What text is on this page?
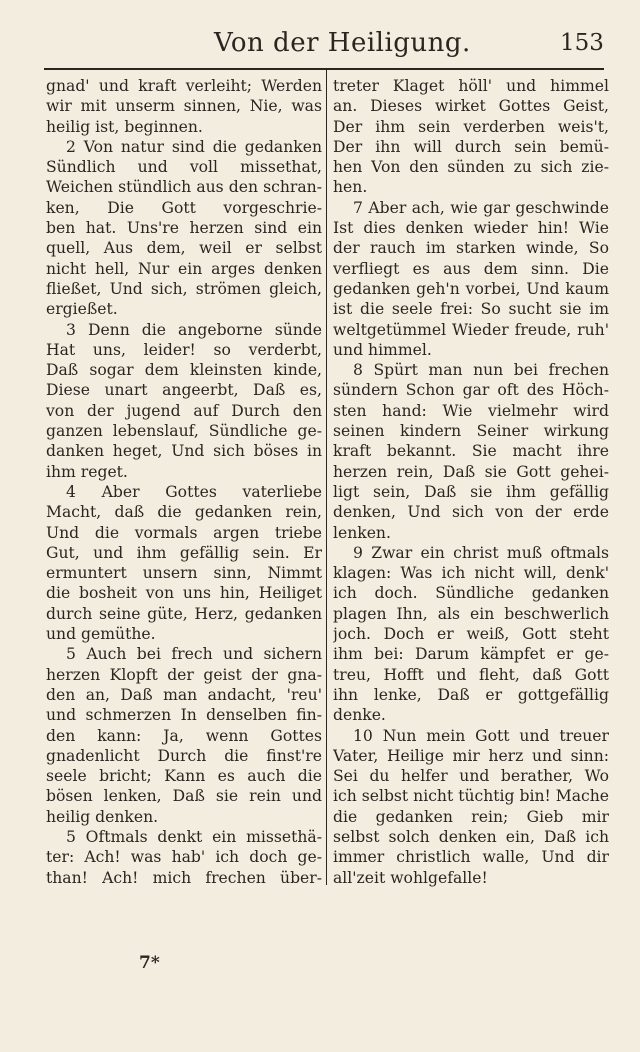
Von der Heiligung.	153
gnad' und kraft verleiht; Werden
wir mit unserm sinnen, Nie, was
heilig ist, beginnen.
2 Von natur sind die gedanken
Sündlich und voll missethat,
Weichen stündlich aus den schran-
ken, Die Gott vorgeschrie-
ben hat. Uns're herzen sind ein
quell, Aus dem, weil er selbst
nicht hell, Nur ein arges denken
fließet, Und sich, strömen gleich,
ergießet.
3 Denn die angeborne sünde
Hat uns, leider! so verderbt,
Daß sogar dem kleinsten kinde,
Diese unart angeerbt, Daß es,
von der jugend auf Durch den
ganzen lebenslauf, Sündliche ge-
danken heget, Und sich böses in
ihm reget.
4 Aber Gottes vaterliebe
Macht, daß die gedanken rein,
Und die vormals argen triebe
Gut, und ihm gefällig sein. Er
ermuntert unsern sinn, Nimmt
die bosheit von uns hin, Heiliget
durch seine güte, Herz, gedanken
und gemüthe.
5 Auch bei frech und sichern
herzen Klopft der geist der gna-
den an, Daß man andacht, 'reu'
und schmerzen In denselben fin-
den kann: Ja, wenn Gottes
gnadenlicht Durch die finst're
seele bricht; Kann es auch die
bösen lenken, Daß sie rein und
heilig denken.
5 Oftmals denkt ein missethä-
ter: Ach! was hab' ich doch ge-
than! Ach! mich frechen über-
treter Klaget höll' und himmel
an. Dieses wirket Gottes Geist,
Der ihm sein verderben weis't,
Der ihn will durch sein bemü-
hen Von den sünden zu sich zie-
hen.
7 Aber ach, wie gar geschwinde
Ist dies denken wieder hin! Wie
der rauch im starken winde, So
verfliegt es aus dem sinn. Die
gedanken geh'n vorbei, Und kaum
ist die seele frei: So sucht sie im
weltgetümmel Wieder freude, ruh'
und himmel.
8 Spürt man nun bei frechen
sündern Schon gar oft des Höch-
sten hand: Wie vielmehr wird
seinen kindern Seiner wirkung
kraft bekannt. Sie macht ihre
herzen rein, Daß sie Gott gehei-
ligt sein, Daß sie ihm gefällig
denken, Und sich von der erde
lenken.
9 Zwar ein christ muß oftmals
klagen: Was ich nicht will, denk'
ich doch. Sündliche gedanken
plagen Ihn, als ein beschwerlich
joch. Doch er weiß, Gott steht
ihm bei: Darum kämpfet er ge-
treu, Hofft und fleht, daß Gott
ihn lenke, Daß er gottgefällig
denke.
10 Nun mein Gott und treuer
Vater, Heilige mir herz und sinn:
Sei du helfer und berather, Wo
ich selbst nicht tüchtig bin! Mache
die gedanken rein; Gieb mir
selbst solch denken ein, Daß ich
immer christlich walle, Und dir
all'zeit wohlgefalle!
7*
